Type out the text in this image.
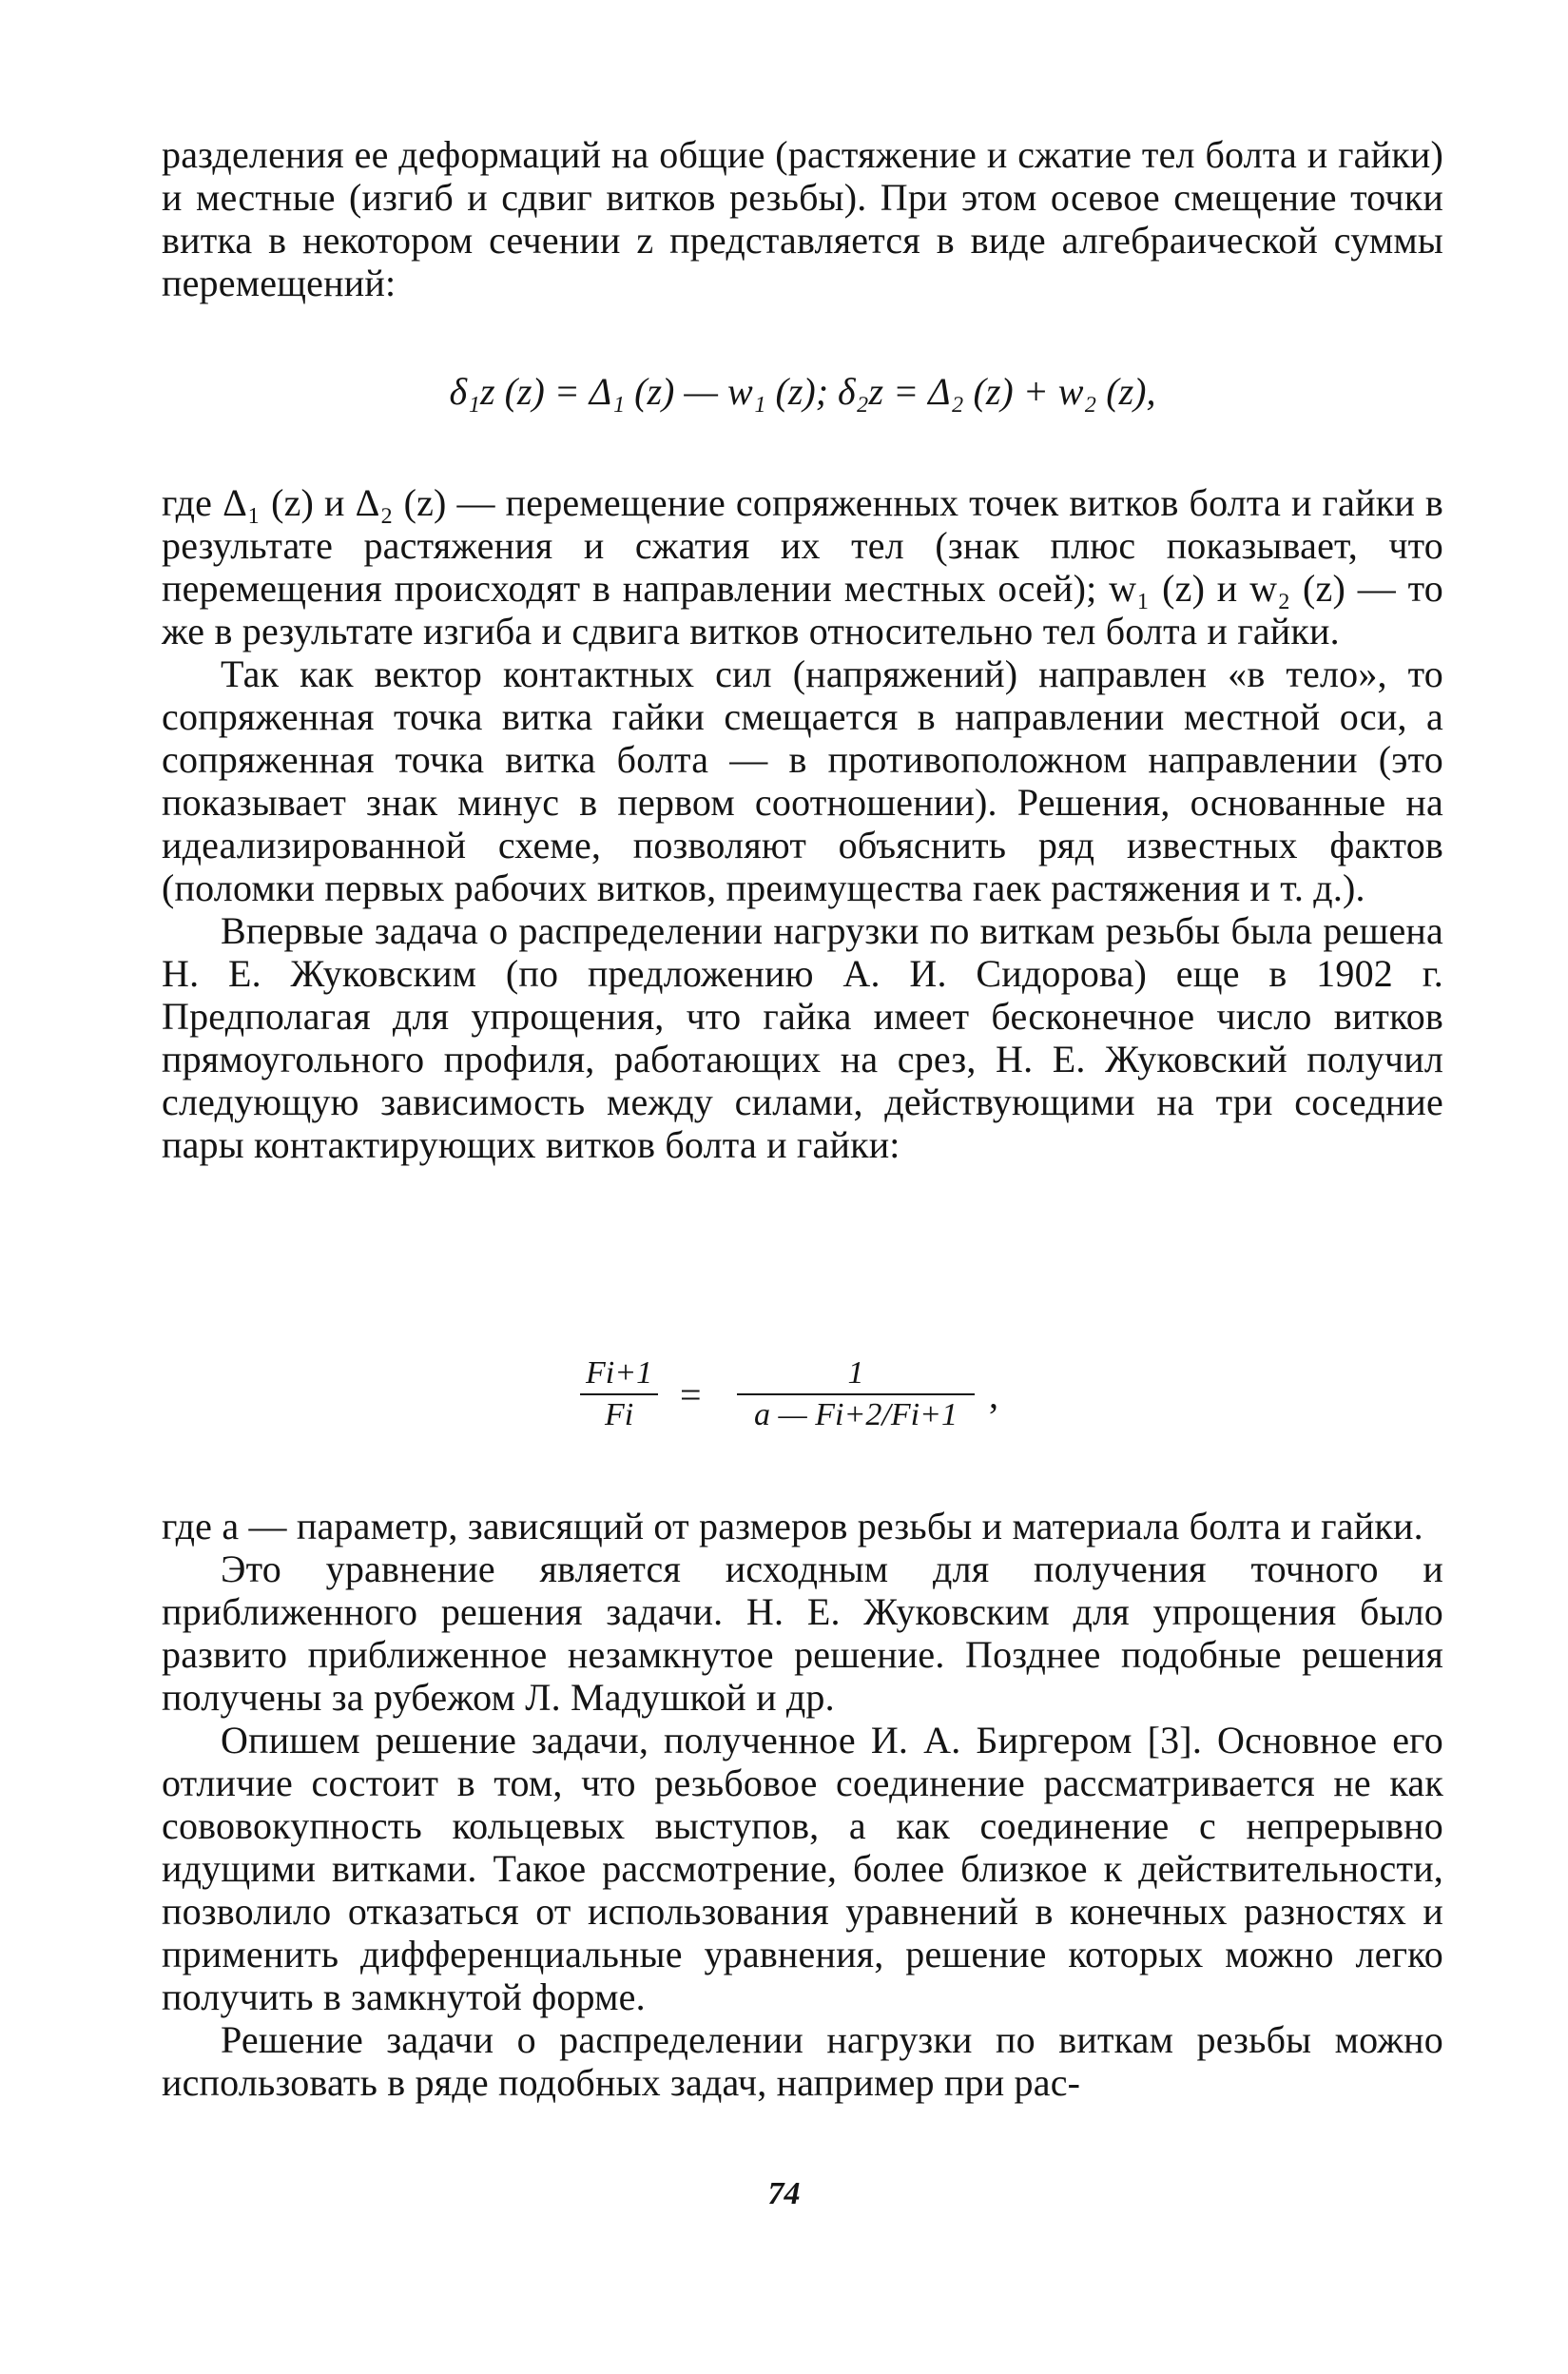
разделения ее деформаций на общие (растяжение и сжатие тел болта и гайки) и местные (изгиб и сдвиг витков резьбы). При этом осевое смещение точки витка в некотором сечении z представляется в виде алгебраической суммы перемещений:

δ₁z (z) = Δ₁ (z) — w₁ (z); δ₂z = Δ₂ (z) + w₂ (z),

где Δ₁ (z) и Δ₂ (z) — перемещение сопряженных точек витков болта и гайки в результате растяжения и сжатия их тел (знак плюс показывает, что перемещения происходят в направлении местных осей); w₁ (z) и w₂ (z) — то же в результате изгиба и сдвига витков относительно тел болта и гайки.

Так как вектор контактных сил (напряжений) направлен «в тело», то сопряженная точка витка гайки смещается в направлении местной оси, а сопряженная точка витка болта — в противоположном направлении (это показывает знак минус в первом соотношении). Решения, основанные на идеализированной схеме, позволяют объяснить ряд известных фактов (поломки первых рабочих витков, преимущества гаек растяжения и т. д.).

Впервые задача о распределении нагрузки по виткам резьбы была решена Н. Е. Жуковским (по предложению А. И. Сидорова) еще в 1902 г. Предполагая для упрощения, что гайка имеет бесконечное число витков прямоугольного профиля, работающих на срез, Н. Е. Жуковский получил следующую зависимость между силами, действующими на три соседние пары контактирующих витков болта и гайки:

$\frac{Fi+1}{Fi} = \frac{1}{a — Fi+2/Fi+1}$ ,

где a — параметр, зависящий от размеров резьбы и материала болта и гайки.

Это уравнение является исходным для получения точного и приближенного решения задачи. Н. Е. Жуковским для упрощения было развито приближенное незамкнутое решение. Позднее подобные решения получены за рубежом Л. Мадушкой и др.

Опишем решение задачи, полученное И. А. Биргером [3]. Основное его отличие состоит в том, что резьбовое соединение рассматривается не как сововокупность кольцевых выступов, а как соединение с непрерывно идущими витками. Такое рассмотрение, более близкое к действительности, позволило отказаться от использования уравнений в конечных разностях и применить дифференциальные уравнения, решение которых можно легко получить в замкнутой форме.

Решение задачи о распределении нагрузки по виткам резьбы можно использовать в ряде подобных задач, например при рас-

74
